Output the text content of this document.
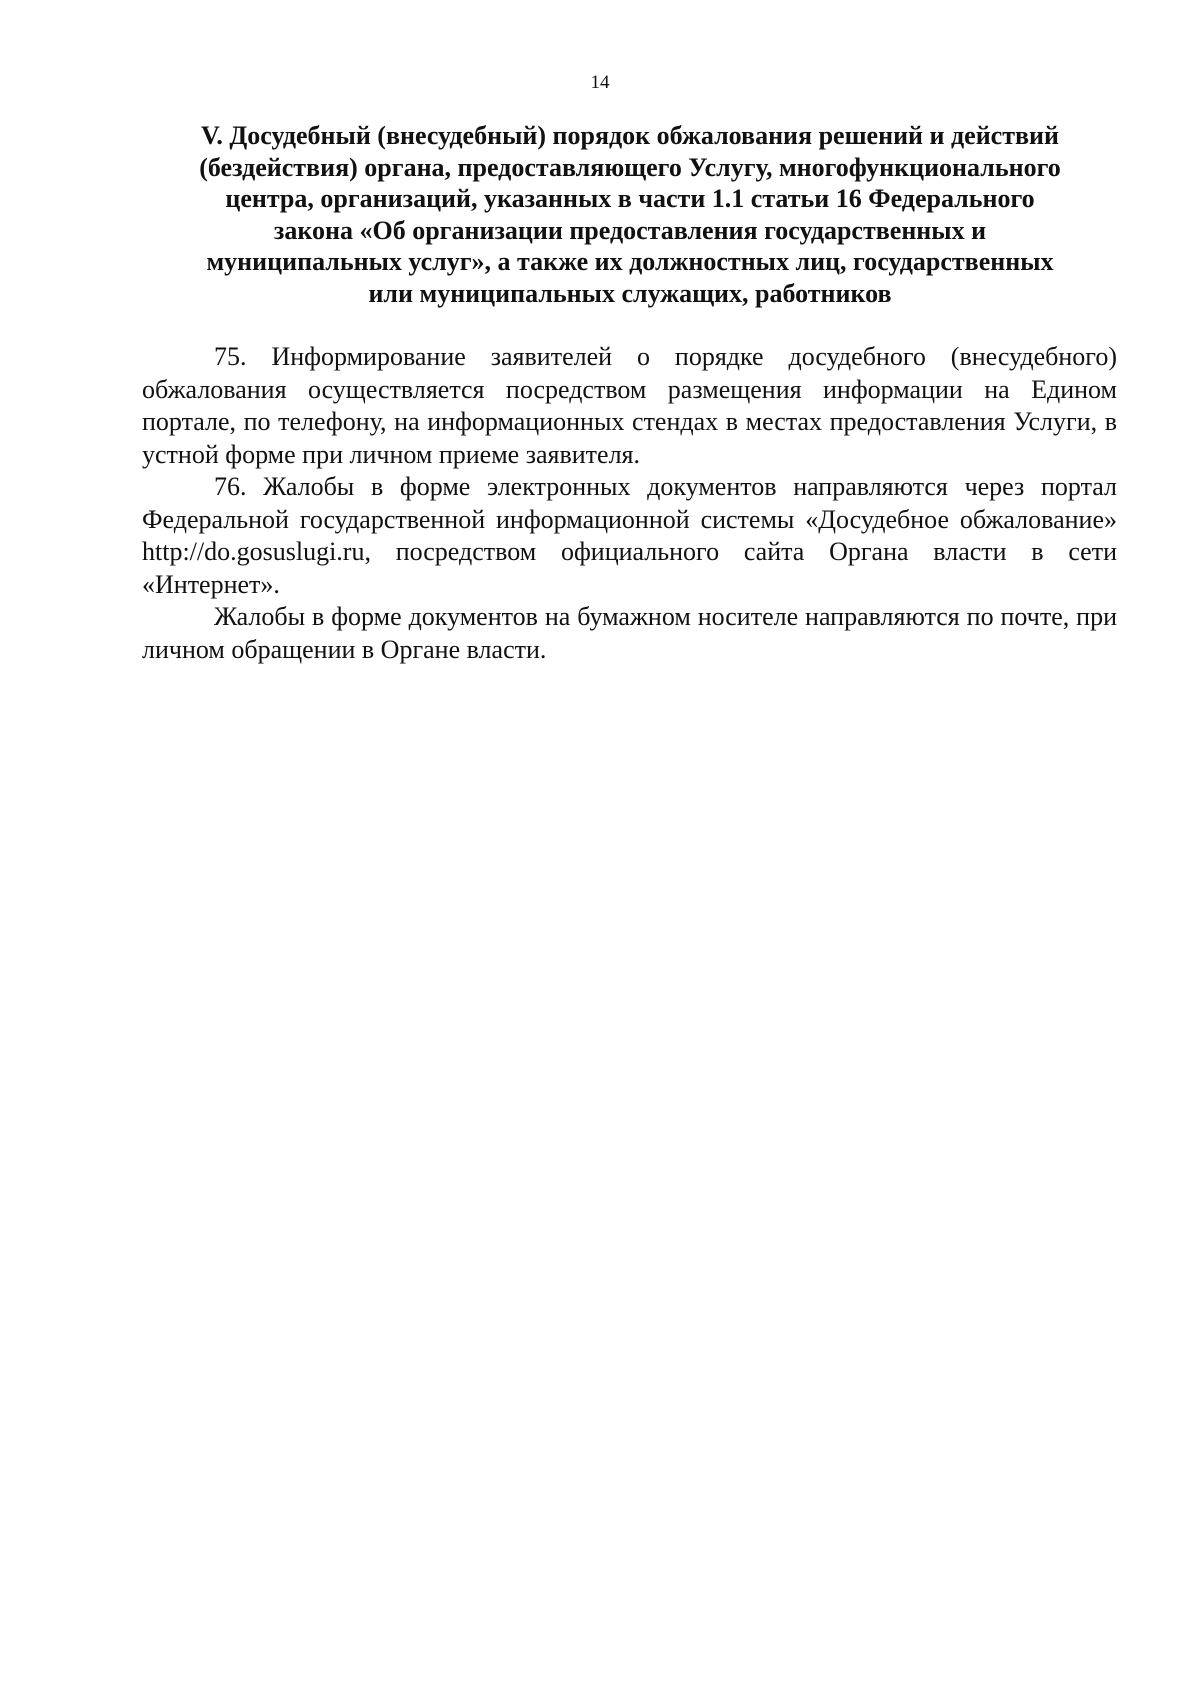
14
V. Досудебный (внесудебный) порядок обжалования решений и действий
(бездействия) органа, предоставляющего Услугу, многофункционального
центра, организаций, указанных в части 1.1 статьи 16 Федерального
закона «Об организации предоставления государственных и
муниципальных услуг», а также их должностных лиц, государственных
или муниципальных служащих, работников

75. Информирование заявителей о порядке досудебного (внесудебного) обжалования осуществляется посредством размещения информации на Едином портале, по телефону, на информационных стендах в местах предоставления Услуги, в устной форме при личном приеме заявителя.

76. Жалобы в форме электронных документов направляются через портал Федеральной государственной информационной системы «Досудебное обжалование» http://do.gosuslugi.ru, посредством официального сайта Органа власти в сети «Интернет».

Жалобы в форме документов на бумажном носителе направляются по почте, при личном обращении в Органе власти.
